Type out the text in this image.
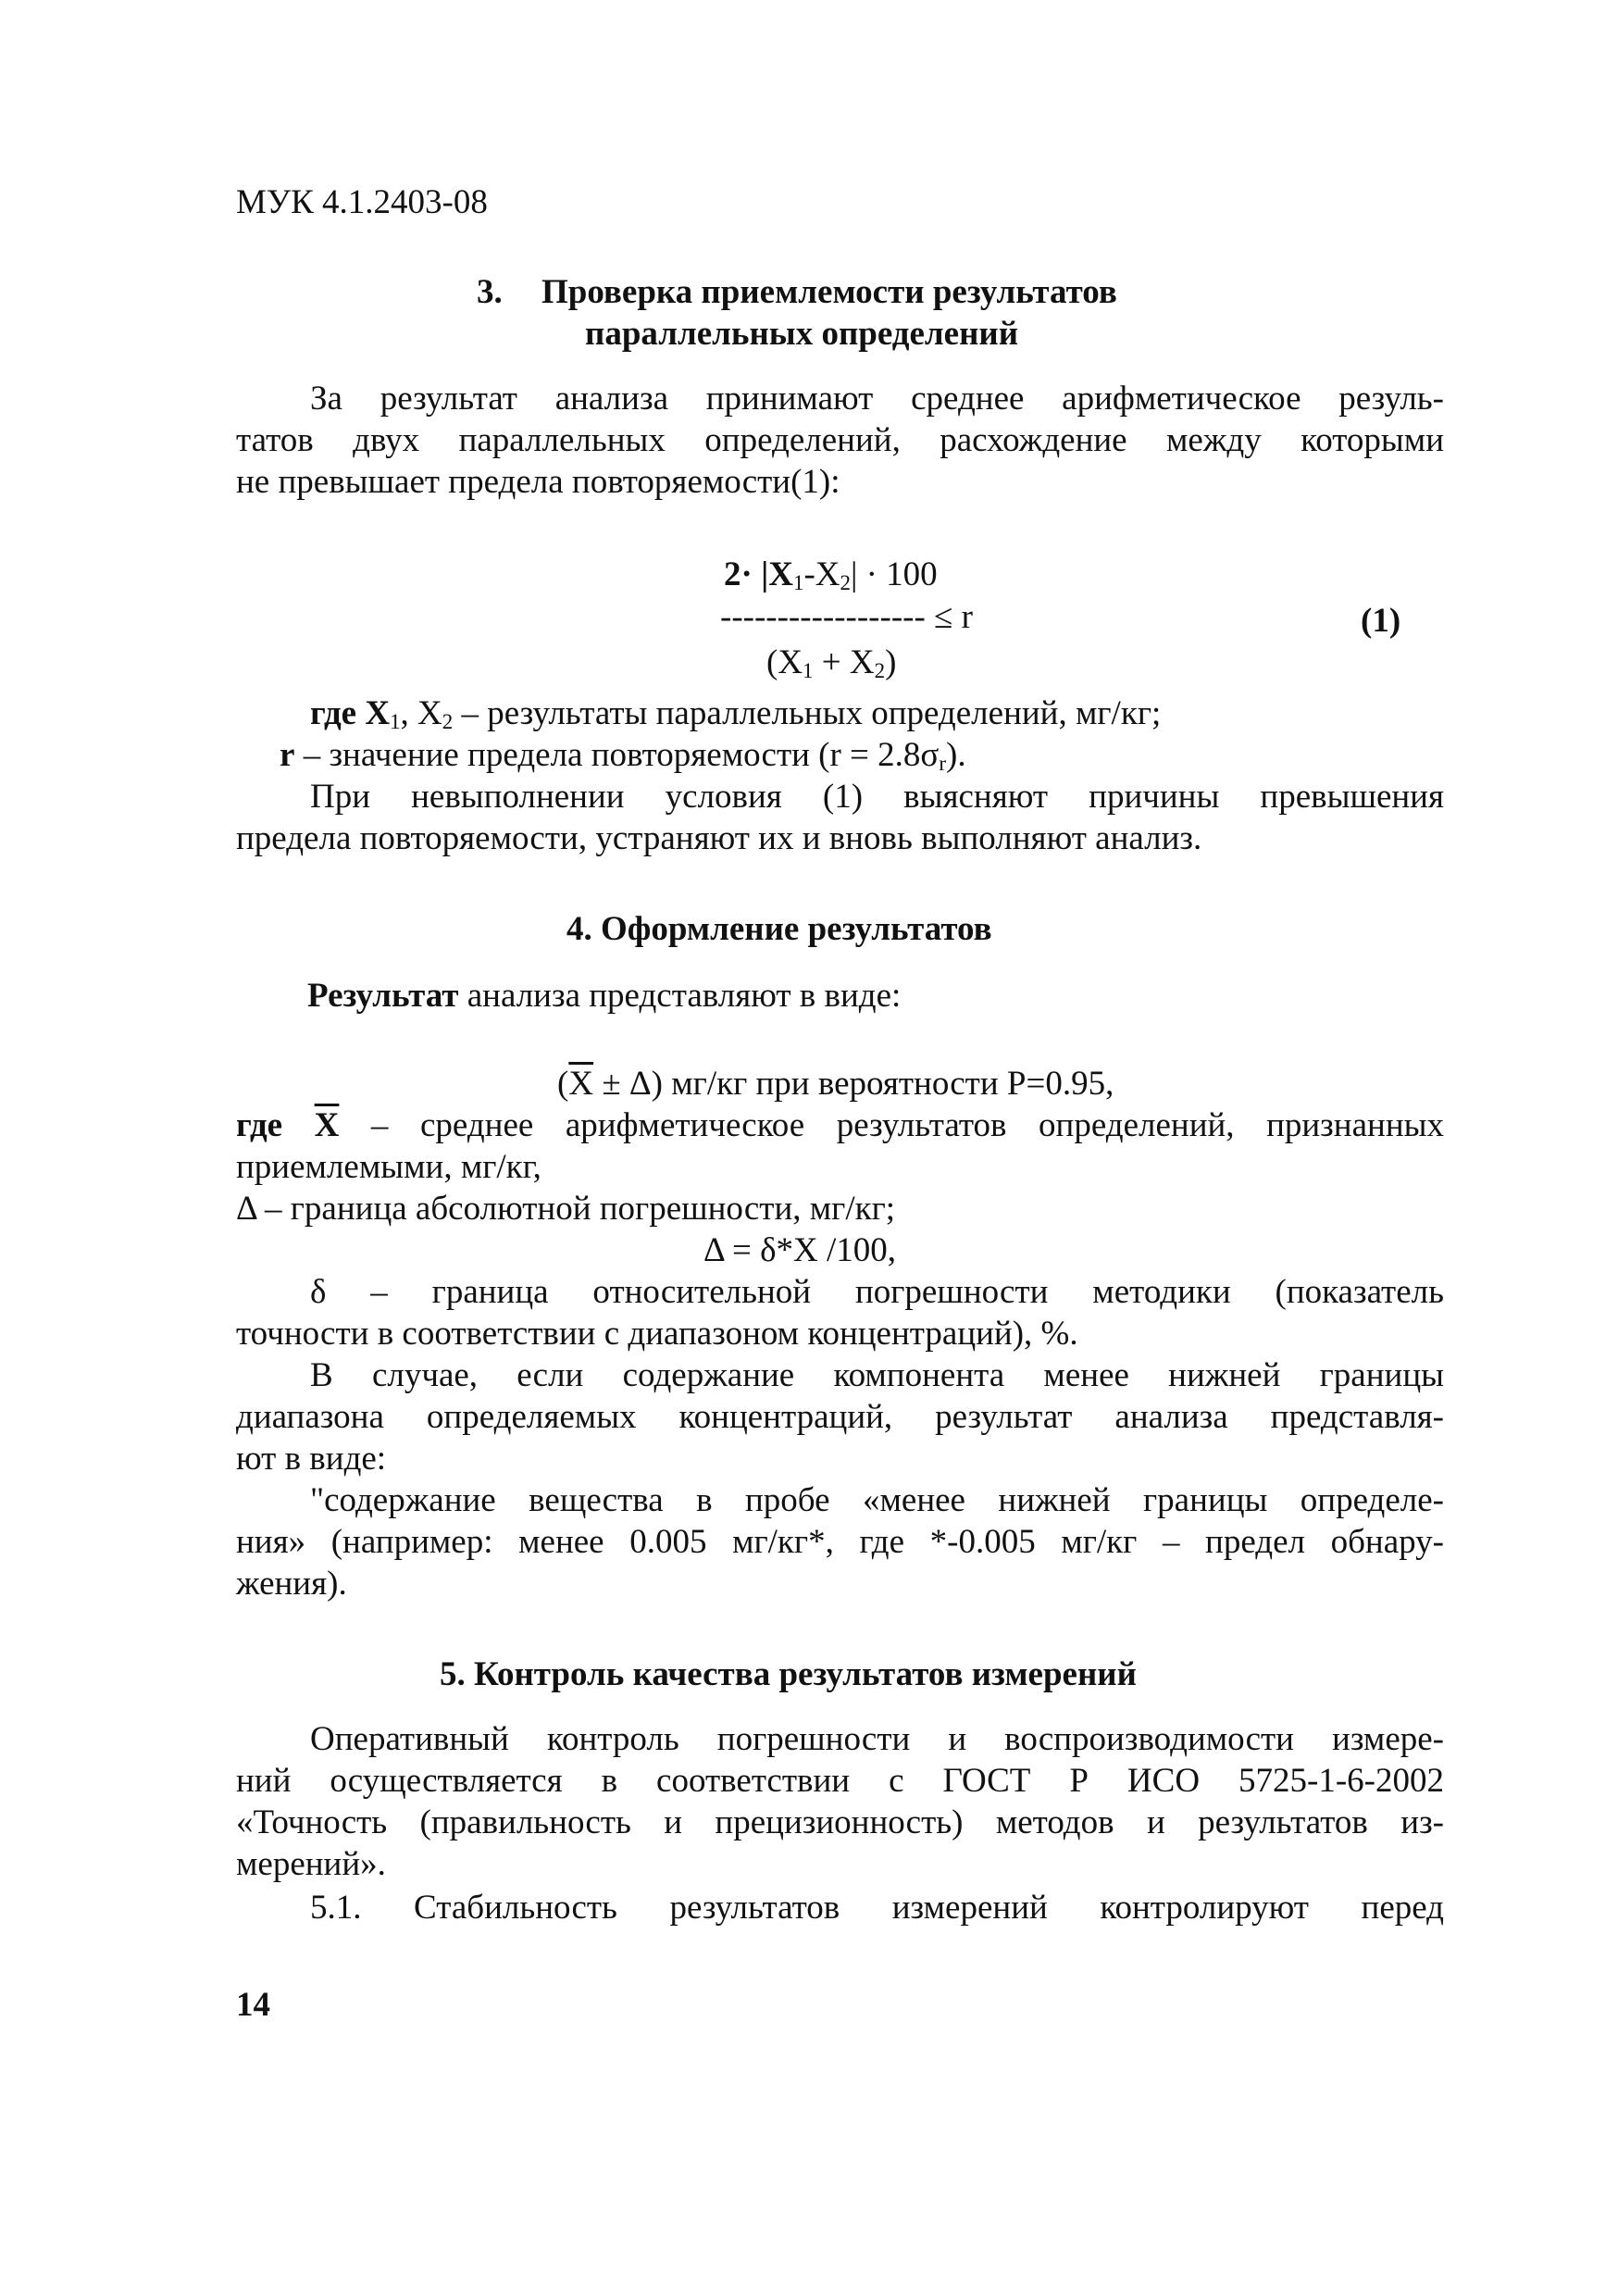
МУК 4.1.2403-08
3. Проверка приемлемости результатов
параллельных определений
За результат анализа принимают среднее арифметическое резуль-
татов двух параллельных определений, расхождение между которыми
не превышает предела повторяемости(1):
$2\cdot |X_1-X_2| \cdot 100$
------------------ ≤ r
$(X_1 + X_2)$
(1)
где $X_1$, $X_2$ – результаты параллельных определений, мг/кг;
r – значение предела повторяемости $(r = 2.8\sigma_r)$.
При невыполнении условия (1) выясняют причины превышения
предела повторяемости, устраняют их и вновь выполняют анализ.
4. Оформление результатов
Результат анализа представляют в виде:
$(\overline{X} \pm \Delta)$ мг/кг при вероятности P=0.95,
где $\overline{X}$ – среднее арифметическое результатов определений, признанных
приемлемыми, мг/кг,
Δ – граница абсолютной погрешности, мг/кг;
Δ = δ*X /100,
δ – граница относительной погрешности методики (показатель
точности в соответствии с диапазоном концентраций), %.
В случае, если содержание компонента менее нижней границы
диапазона определяемых концентраций, результат анализа представля-
ют в виде:
"содержание вещества в пробе «менее нижней границы определе-
ния» (например: менее 0.005 мг/кг*, где *-0.005 мг/кг – предел обнару-
жения).
5. Контроль качества результатов измерений
Оперативный контроль погрешности и воспроизводимости измере-
ний осуществляется в соответствии с ГОСТ Р ИСО 5725-1-6-2002
«Точность (правильность и прецизионность) методов и результатов из-
мерений».
5.1. Стабильность результатов измерений контролируют перед
14
